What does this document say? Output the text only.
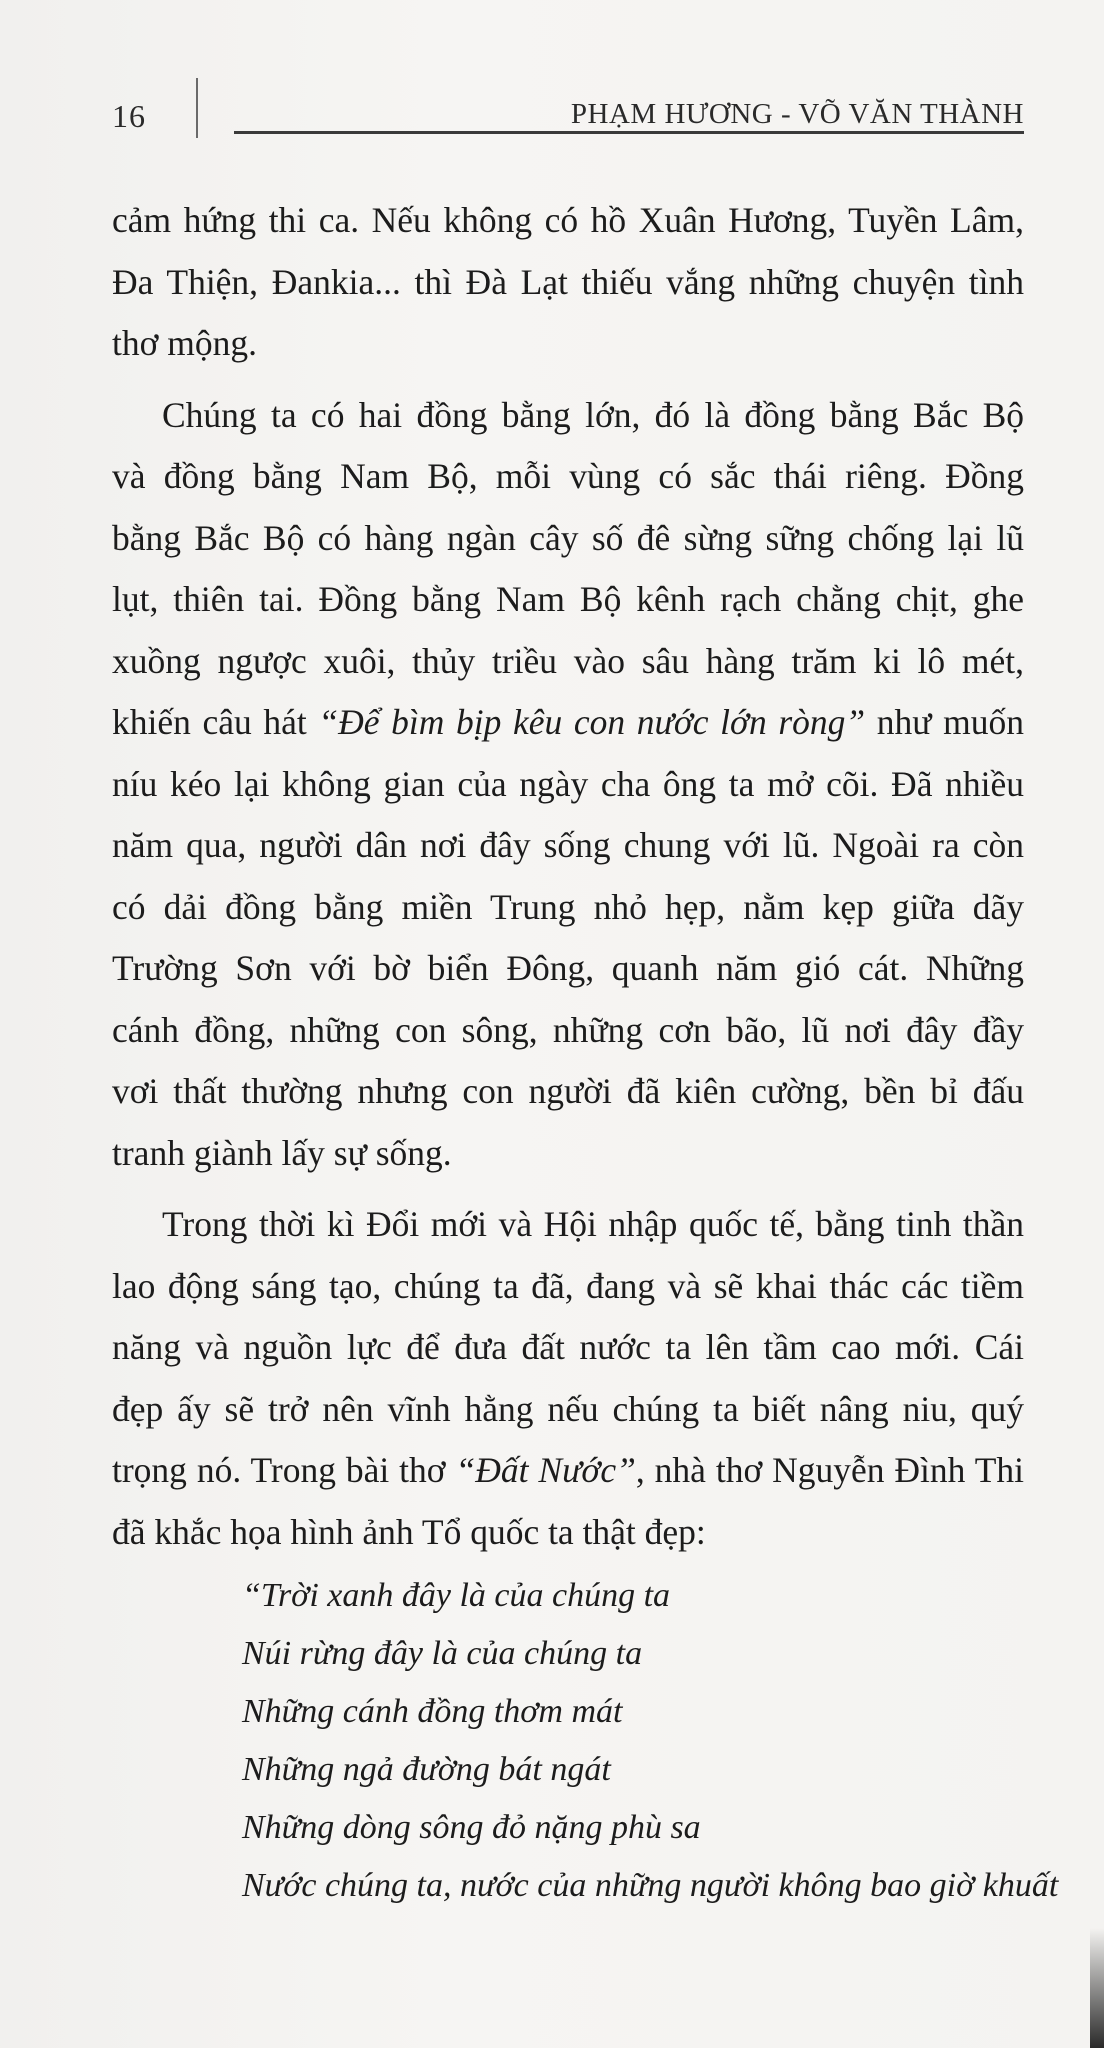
16	PHẠM HƯƠNG - VÕ VĂN THÀNH
cảm hứng thi ca. Nếu không có hồ Xuân Hương, Tuyền Lâm,
Đa Thiện, Đankia... thì Đà Lạt thiếu vắng những chuyện tình
thơ mộng.
Chúng ta có hai đồng bằng lớn, đó là đồng bằng Bắc Bộ
và đồng bằng Nam Bộ, mỗi vùng có sắc thái riêng. Đồng
bằng Bắc Bộ có hàng ngàn cây số đê sừng sững chống lại lũ
lụt, thiên tai. Đồng bằng Nam Bộ kênh rạch chằng chịt, ghe
xuồng ngược xuôi, thủy triều vào sâu hàng trăm ki lô mét,
khiến câu hát “Để bìm bịp kêu con nước lớn ròng” như muốn
níu kéo lại không gian của ngày cha ông ta mở cõi. Đã nhiều
năm qua, người dân nơi đây sống chung với lũ. Ngoài ra còn
có dải đồng bằng miền Trung nhỏ hẹp, nằm kẹp giữa dãy
Trường Sơn với bờ biển Đông, quanh năm gió cát. Những
cánh đồng, những con sông, những cơn bão, lũ nơi đây đầy
vơi thất thường nhưng con người đã kiên cường, bền bỉ đấu
tranh giành lấy sự sống.
Trong thời kì Đổi mới và Hội nhập quốc tế, bằng tinh thần
lao động sáng tạo, chúng ta đã, đang và sẽ khai thác các tiềm
năng và nguồn lực để đưa đất nước ta lên tầm cao mới. Cái
đẹp ấy sẽ trở nên vĩnh hằng nếu chúng ta biết nâng niu, quý
trọng nó. Trong bài thơ “Đất Nước”, nhà thơ Nguyễn Đình Thi
đã khắc họa hình ảnh Tổ quốc ta thật đẹp:
“Trời xanh đây là của chúng ta
Núi rừng đây là của chúng ta
Những cánh đồng thơm mát
Những ngả đường bát ngát
Những dòng sông đỏ nặng phù sa
Nước chúng ta, nước của những người không bao giờ khuất
